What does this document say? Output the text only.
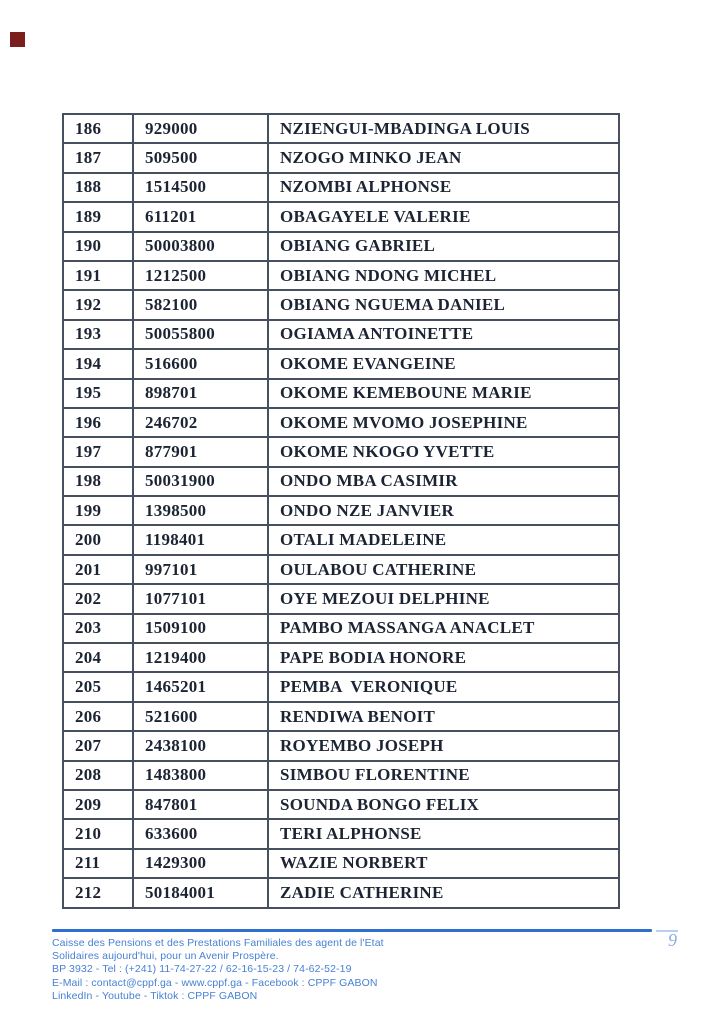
186	929000	NZIENGUI-MBADINGA LOUIS
187	509500	NZOGO MINKO JEAN
188	1514500	NZOMBI ALPHONSE
189	611201	OBAGAYELE VALERIE
190	50003800	OBIANG GABRIEL
191	1212500	OBIANG NDONG MICHEL
192	582100	OBIANG NGUEMA DANIEL
193	50055800	OGIAMA ANTOINETTE
194	516600	OKOME EVANGEINE
195	898701	OKOME KEMEBOUNE MARIE
196	246702	OKOME MVOMO JOSEPHINE
197	877901	OKOME NKOGO YVETTE
198	50031900	ONDO MBA CASIMIR
199	1398500	ONDO NZE JANVIER
200	1198401	OTALI MADELEINE
201	997101	OULABOU CATHERINE
202	1077101	OYE MEZOUI DELPHINE
203	1509100	PAMBO MASSANGA ANACLET
204	1219400	PAPE BODIA HONORE
205	1465201	PEMBA  VERONIQUE
206	521600	RENDIWA BENOIT
207	2438100	ROYEMBO JOSEPH
208	1483800	SIMBOU FLORENTINE
209	847801	SOUNDA BONGO FELIX
210	633600	TERI ALPHONSE
211	1429300	WAZIE NORBERT
212	50184001	ZADIE CATHERINE
Caisse des Pensions et des Prestations Familiales des agent de l'Etat
Solidaires aujourd'hui, pour un Avenir Prospère.
BP 3932 - Tel : (+241) 11-74-27-22 / 62-16-15-23 / 74-62-52-19
E-Mail : contact@cppf.ga - www.cppf.ga - Facebook : CPPF GABON
LinkedIn - Youtube - Tiktok : CPPF GABON
9
